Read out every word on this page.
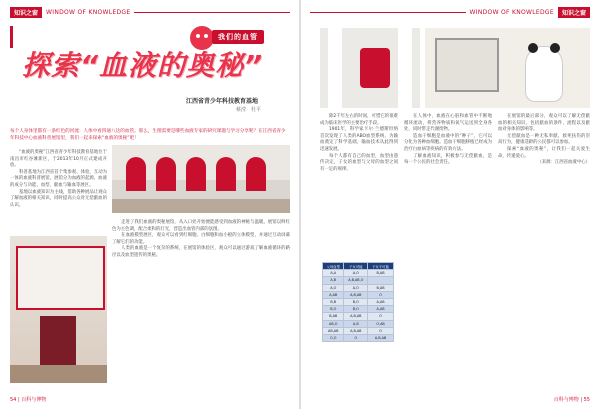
知识之窗	WINDOW OF KNOWLEDGE
我们的血管
探索“血液的奥秘”
江西省青少年科技教育基地
蔡滢　杜平
每个人身体里都有一条红色的河流：人体中看四通八达的血管。那么，生理需要是哪些血液专家的研究课题与学习分享呢？在江西省青少年科技中心血液科普展馆里，我们一起来探索“血液的奥秘”吧！

“血液的奥秘”江西省青少年科技教育基地位于南昌市红谷滩新区，于2013年10月正式建成开放。

科普基地为江西省首个集参观、体验、互动为一体的血液科普展馆，展馆分为血液的起源、血液的成分与功能、血型、献血与输血等展区。

基地以血液知识为主线，借助各种展品让观众了解血液的相关知识，同时提高公众对无偿献血的认识。

走进了我们血液的奥秘展馆，从入口处开始便能感受到血液的神秘与温暖。展馆以鲜红色为主色调，配合柔和的灯光，营造出血管内部的氛围。

在血液模型展区，观众可以看到红细胞、白细胞和血小板的立体模型，并通过互动屏幕了解它们的功能。

人类的血液是一个复杂的系统，在展馆的体验区，观众可以通过游戏了解血液循环的路径以及血型遗传的奥秘。

54 | 百科与博物
WINDOW OF KNOWLEDGE	知识之窗

除2千年左右的时间，可惜它的很难成为临床医学的主要治疗手段。

1901年，科学家卡尔·兰德斯坦纳首次发现了人类的ABO血型系统，为输血奠定了科学基础，输血技术从此得到迅速发展。

每个人都有自己的血型，血型由遗传决定，子女的血型与父母的血型之间有一定的规律。

父母血型	子女可能	子女不可能
A,A	A,O	B,AB
A,B	A,B,AB,O	
A,O	A,O	B,AB
A,AB	A,B,AB	O
B,B	B,O	A,AB
B,O	B,O	A,AB
B,AB	A,B,AB	O
AB,O	A,B	O,AB
AB,AB	A,B,AB	O
O,O	O	A,B,AB

在人体中，血液在心脏和血管中不断地循环流动，将营养物质和氧气运送到全身各处，同时带走代谢废物。

造血干细胞是血液中的“种子”，它可以分化为各种血细胞。造血干细胞移植已经成为治疗白血病等疾病的有效方法。

了解血液知识，积极参与无偿献血，是每一个公民的社会责任。

在展馆的最后部分，观众可以了解无偿献血的相关知识，包括献血的条件、流程以及献血对身体的影响等。

无偿献血是一种无私奉献、救死扶伤的崇高行为，健康适龄的公民都可以参加。

探索“血液的奥秘”，让我们一起关爱生命，传递爱心。

（来源：江西省血液中心）

百科与博物 | 55
